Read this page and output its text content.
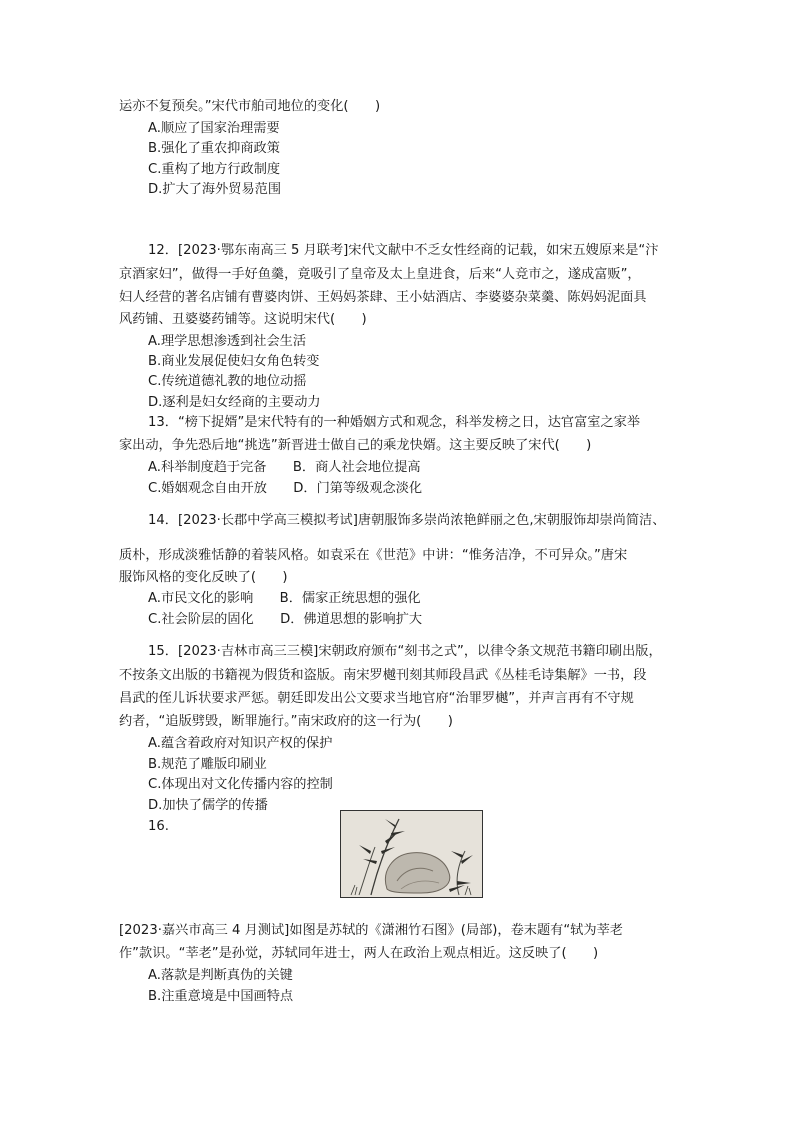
运亦不复预矣。”宋代市舶司地位的变化(　　)
A.顺应了国家治理需要
B.强化了重农抑商政策
C.重构了地方行政制度
D.扩大了海外贸易范围
12．[2023·鄂东南高三 5 月联考]宋代文献中不乏女性经商的记载，如宋五嫂原来是“汴
京酒家妇”，做得一手好鱼羹，竟吸引了皇帝及太上皇进食，后来“人竞市之，遂成富贩”，
妇人经营的著名店铺有曹婆肉饼、王妈妈茶肆、王小姑酒店、李婆婆杂菜羹、陈妈妈泥面具
风药铺、丑婆婆药铺等。这说明宋代(　　)
A.理学思想渗透到社会生活
B.商业发展促使妇女角色转变
C.传统道德礼教的地位动摇
D.逐利是妇女经商的主要动力
13．“榜下捉婿”是宋代特有的一种婚姻方式和观念，科举发榜之日，达官富室之家举
家出动，争先恐后地“挑选”新晋进士做自己的乘龙快婿。这主要反映了宋代(　　)
A.科举制度趋于完备　　B．商人社会地位提高
C.婚姻观念自由开放　　D．门第等级观念淡化
14．[2023·长郡中学高三模拟考试]唐朝服饰多崇尚浓艳鲜丽之色,宋朝服饰却崇尚简洁、
质朴，形成淡雅恬静的着装风格。如袁采在《世范》中讲：“惟务洁净，不可异众。”唐宋
服饰风格的变化反映了(　　)
A.市民文化的影响　　B．儒家正统思想的强化
C.社会阶层的固化　　D．佛道思想的影响扩大
15．[2023·吉林市高三三模]宋朝政府颁布“刻书之式”，以律令条文规范书籍印刷出版，
不按条文出版的书籍视为假货和盗版。南宋罗樾刊刻其师段昌武《丛桂毛诗集解》一书，段
昌武的侄儿诉状要求严惩。朝廷即发出公文要求当地官府“治罪罗樾”，并声言再有不守规
约者，“追版劈毁，断罪施行。”南宋政府的这一行为(　　)
A.蕴含着政府对知识产权的保护
B.规范了雕版印刷业
C.体现出对文化传播内容的控制
D.加快了儒学的传播
16.
[2023·嘉兴市高三 4 月测试]如图是苏轼的《潇湘竹石图》(局部)，卷末题有“轼为莘老
作”款识。“莘老”是孙觉，苏轼同年进士，两人在政治上观点相近。这反映了(　　)
A.落款是判断真伪的关键
B.注重意境是中国画特点
